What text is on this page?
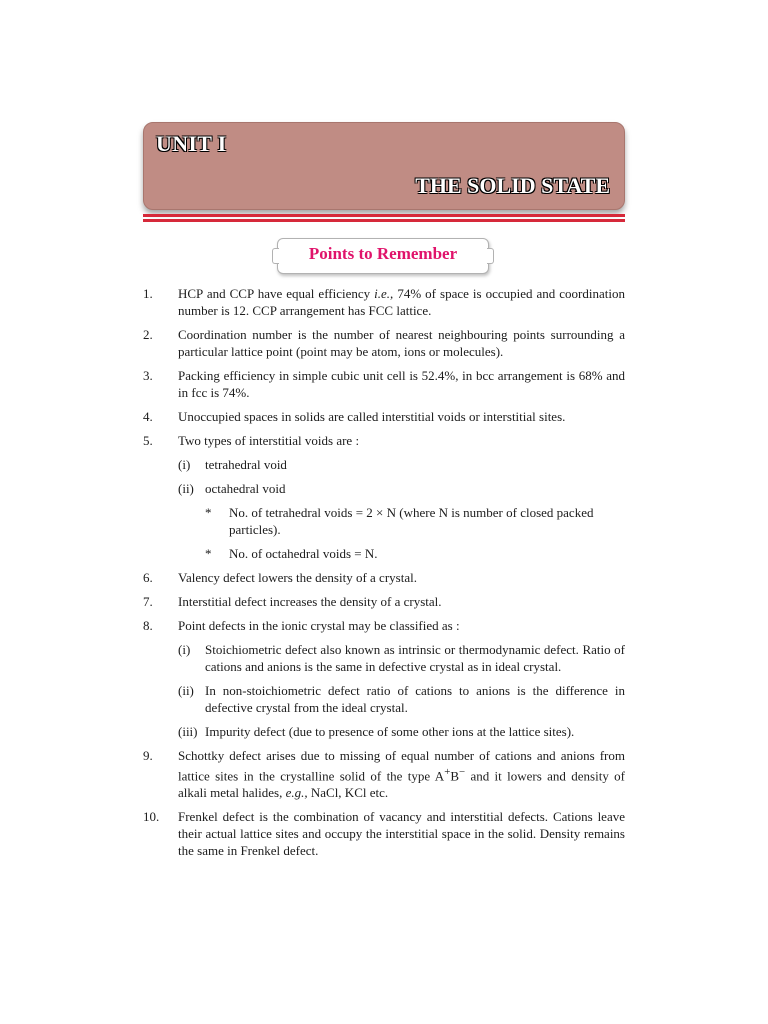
UNIT I
THE SOLID STATE
Points to Remember
1. HCP and CCP have equal efficiency i.e., 74% of space is occupied and coordination number is 12. CCP arrangement has FCC lattice.
2. Coordination number is the number of nearest neighbouring points surrounding a particular lattice point (point may be atom, ions or molecules).
3. Packing efficiency in simple cubic unit cell is 52.4%, in bcc arrangement is 68% and in fcc is 74%.
4. Unoccupied spaces in solids are called interstitial voids or interstitial sites.
5. Two types of interstitial voids are :
(i) tetrahedral void
(ii) octahedral void
* No. of tetrahedral voids = 2 × N (where N is number of closed packed particles).
* No. of octahedral voids = N.
6. Valency defect lowers the density of a crystal.
7. Interstitial defect increases the density of a crystal.
8. Point defects in the ionic crystal may be classified as :
(i) Stoichiometric defect also known as intrinsic or thermodynamic defect. Ratio of cations and anions is the same in defective crystal as in ideal crystal.
(ii) In non-stoichiometric defect ratio of cations to anions is the difference in defective crystal from the ideal crystal.
(iii) Impurity defect (due to presence of some other ions at the lattice sites).
9. Schottky defect arises due to missing of equal number of cations and anions from lattice sites in the crystalline solid of the type A+B− and it lowers and density of alkali metal halides, e.g., NaCl, KCl etc.
10. Frenkel defect is the combination of vacancy and interstitial defects. Cations leave their actual lattice sites and occupy the interstitial space in the solid. Density remains the same in Frenkel defect.
